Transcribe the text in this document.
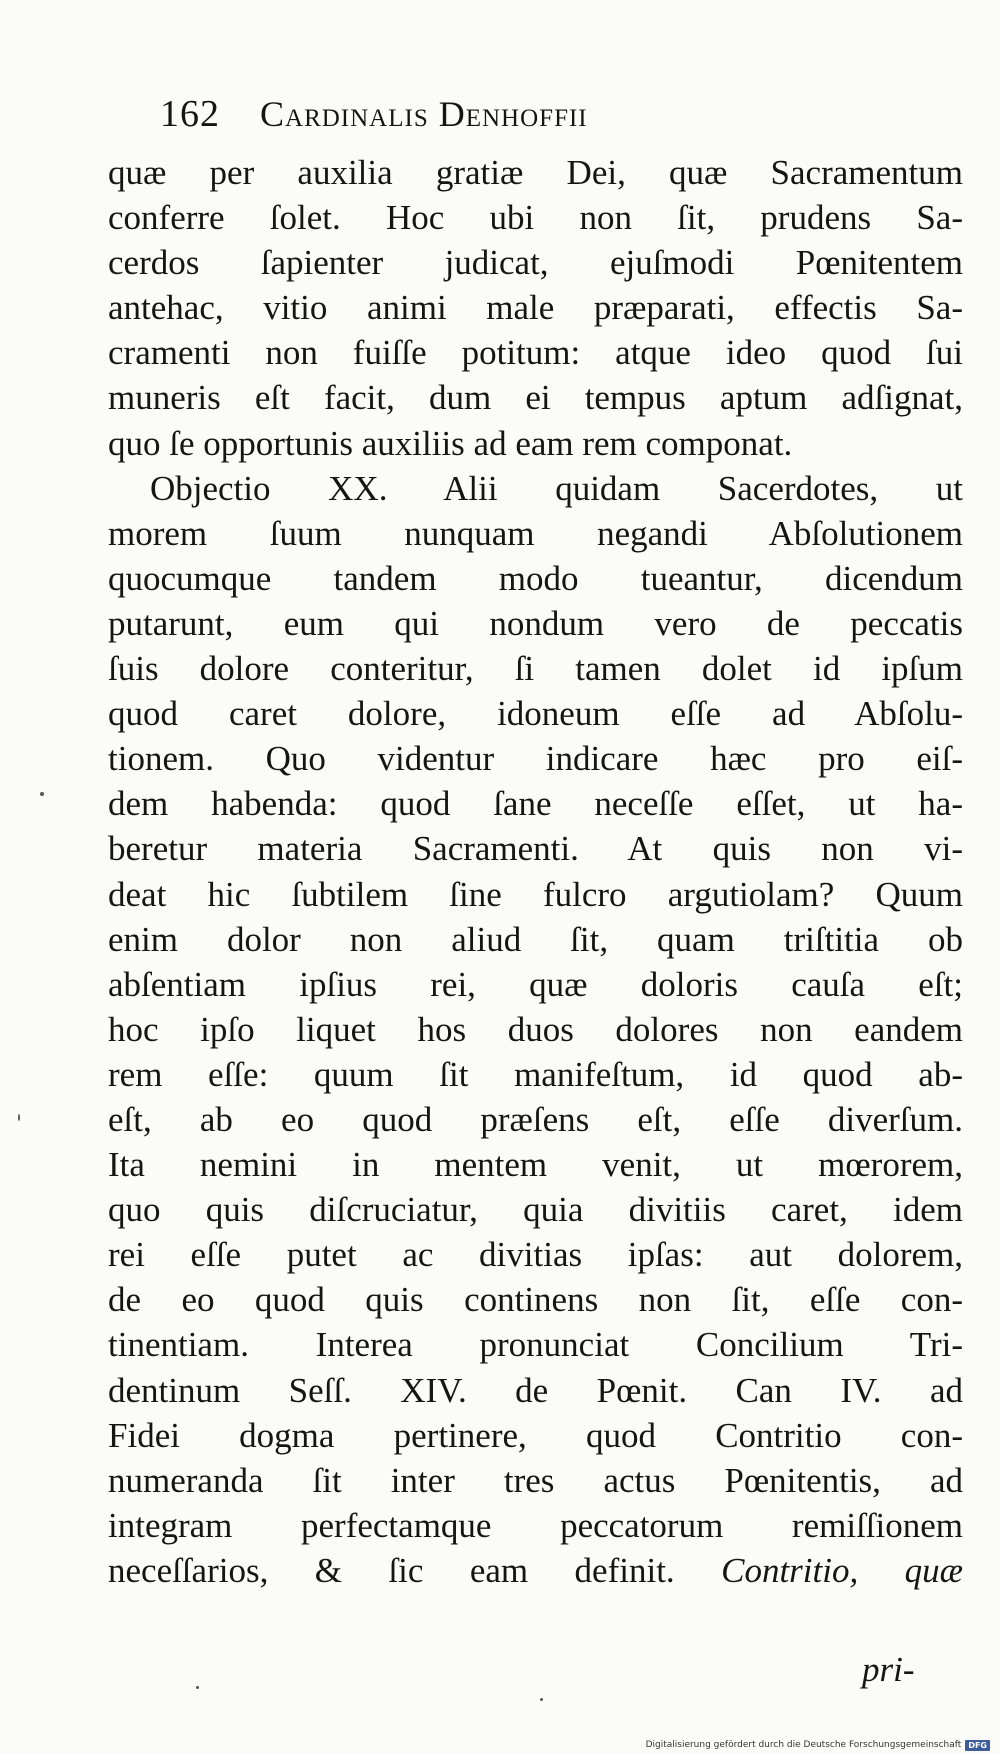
162 Cardinalis Denhoffii
quæ per auxilia gratiæ Dei, quæ Sacramentum
conferre ſolet. Hoc ubi non ſit, prudens Sa-
cerdos ſapienter judicat, ejuſmodi Pœnitentem
antehac, vitio animi male præparati, effectis Sa-
cramenti non fuiſſe potitum: atque ideo quod ſui
muneris eſt facit, dum ei tempus aptum adſignat,
quo ſe opportunis auxiliis ad eam rem componat.
Objectio XX. Alii quidam Sacerdotes, ut
morem ſuum nunquam negandi Abſolutionem
quocumque tandem modo tueantur, dicendum
putarunt, eum qui nondum vero de peccatis
ſuis dolore conteritur, ſi tamen dolet id ipſum
quod caret dolore, idoneum eſſe ad Abſolu-
tionem. Quo videntur indicare hæc pro eiſ-
dem habenda: quod ſane neceſſe eſſet, ut ha-
beretur materia Sacramenti. At quis non vi-
deat hic ſubtilem ſine fulcro argutiolam? Quum
enim dolor non aliud ſit, quam triſtitia ob
abſentiam ipſius rei, quæ doloris cauſa eſt;
hoc ipſo liquet hos duos dolores non eandem
rem eſſe: quum ſit manifeſtum, id quod ab-
eſt, ab eo quod præſens eſt, eſſe diverſum.
Ita nemini in mentem venit, ut mœrorem,
quo quis diſcruciatur, quia divitiis caret, idem
rei eſſe putet ac divitias ipſas: aut dolorem,
de eo quod quis continens non ſit, eſſe con-
tinentiam. Interea pronunciat Concilium Tri-
dentinum Seſſ. XIV. de Pœnit. Can IV. ad
Fidei dogma pertinere, quod Contritio con-
numeranda ſit inter tres actus Pœnitentis, ad
integram perfectamque peccatorum remiſſionem
neceſſarios, & ſic eam definit. Contritio, quæ
pri-
Digitalisierung gefördert durch die Deutsche Forschungsgemeinschaft DFG
